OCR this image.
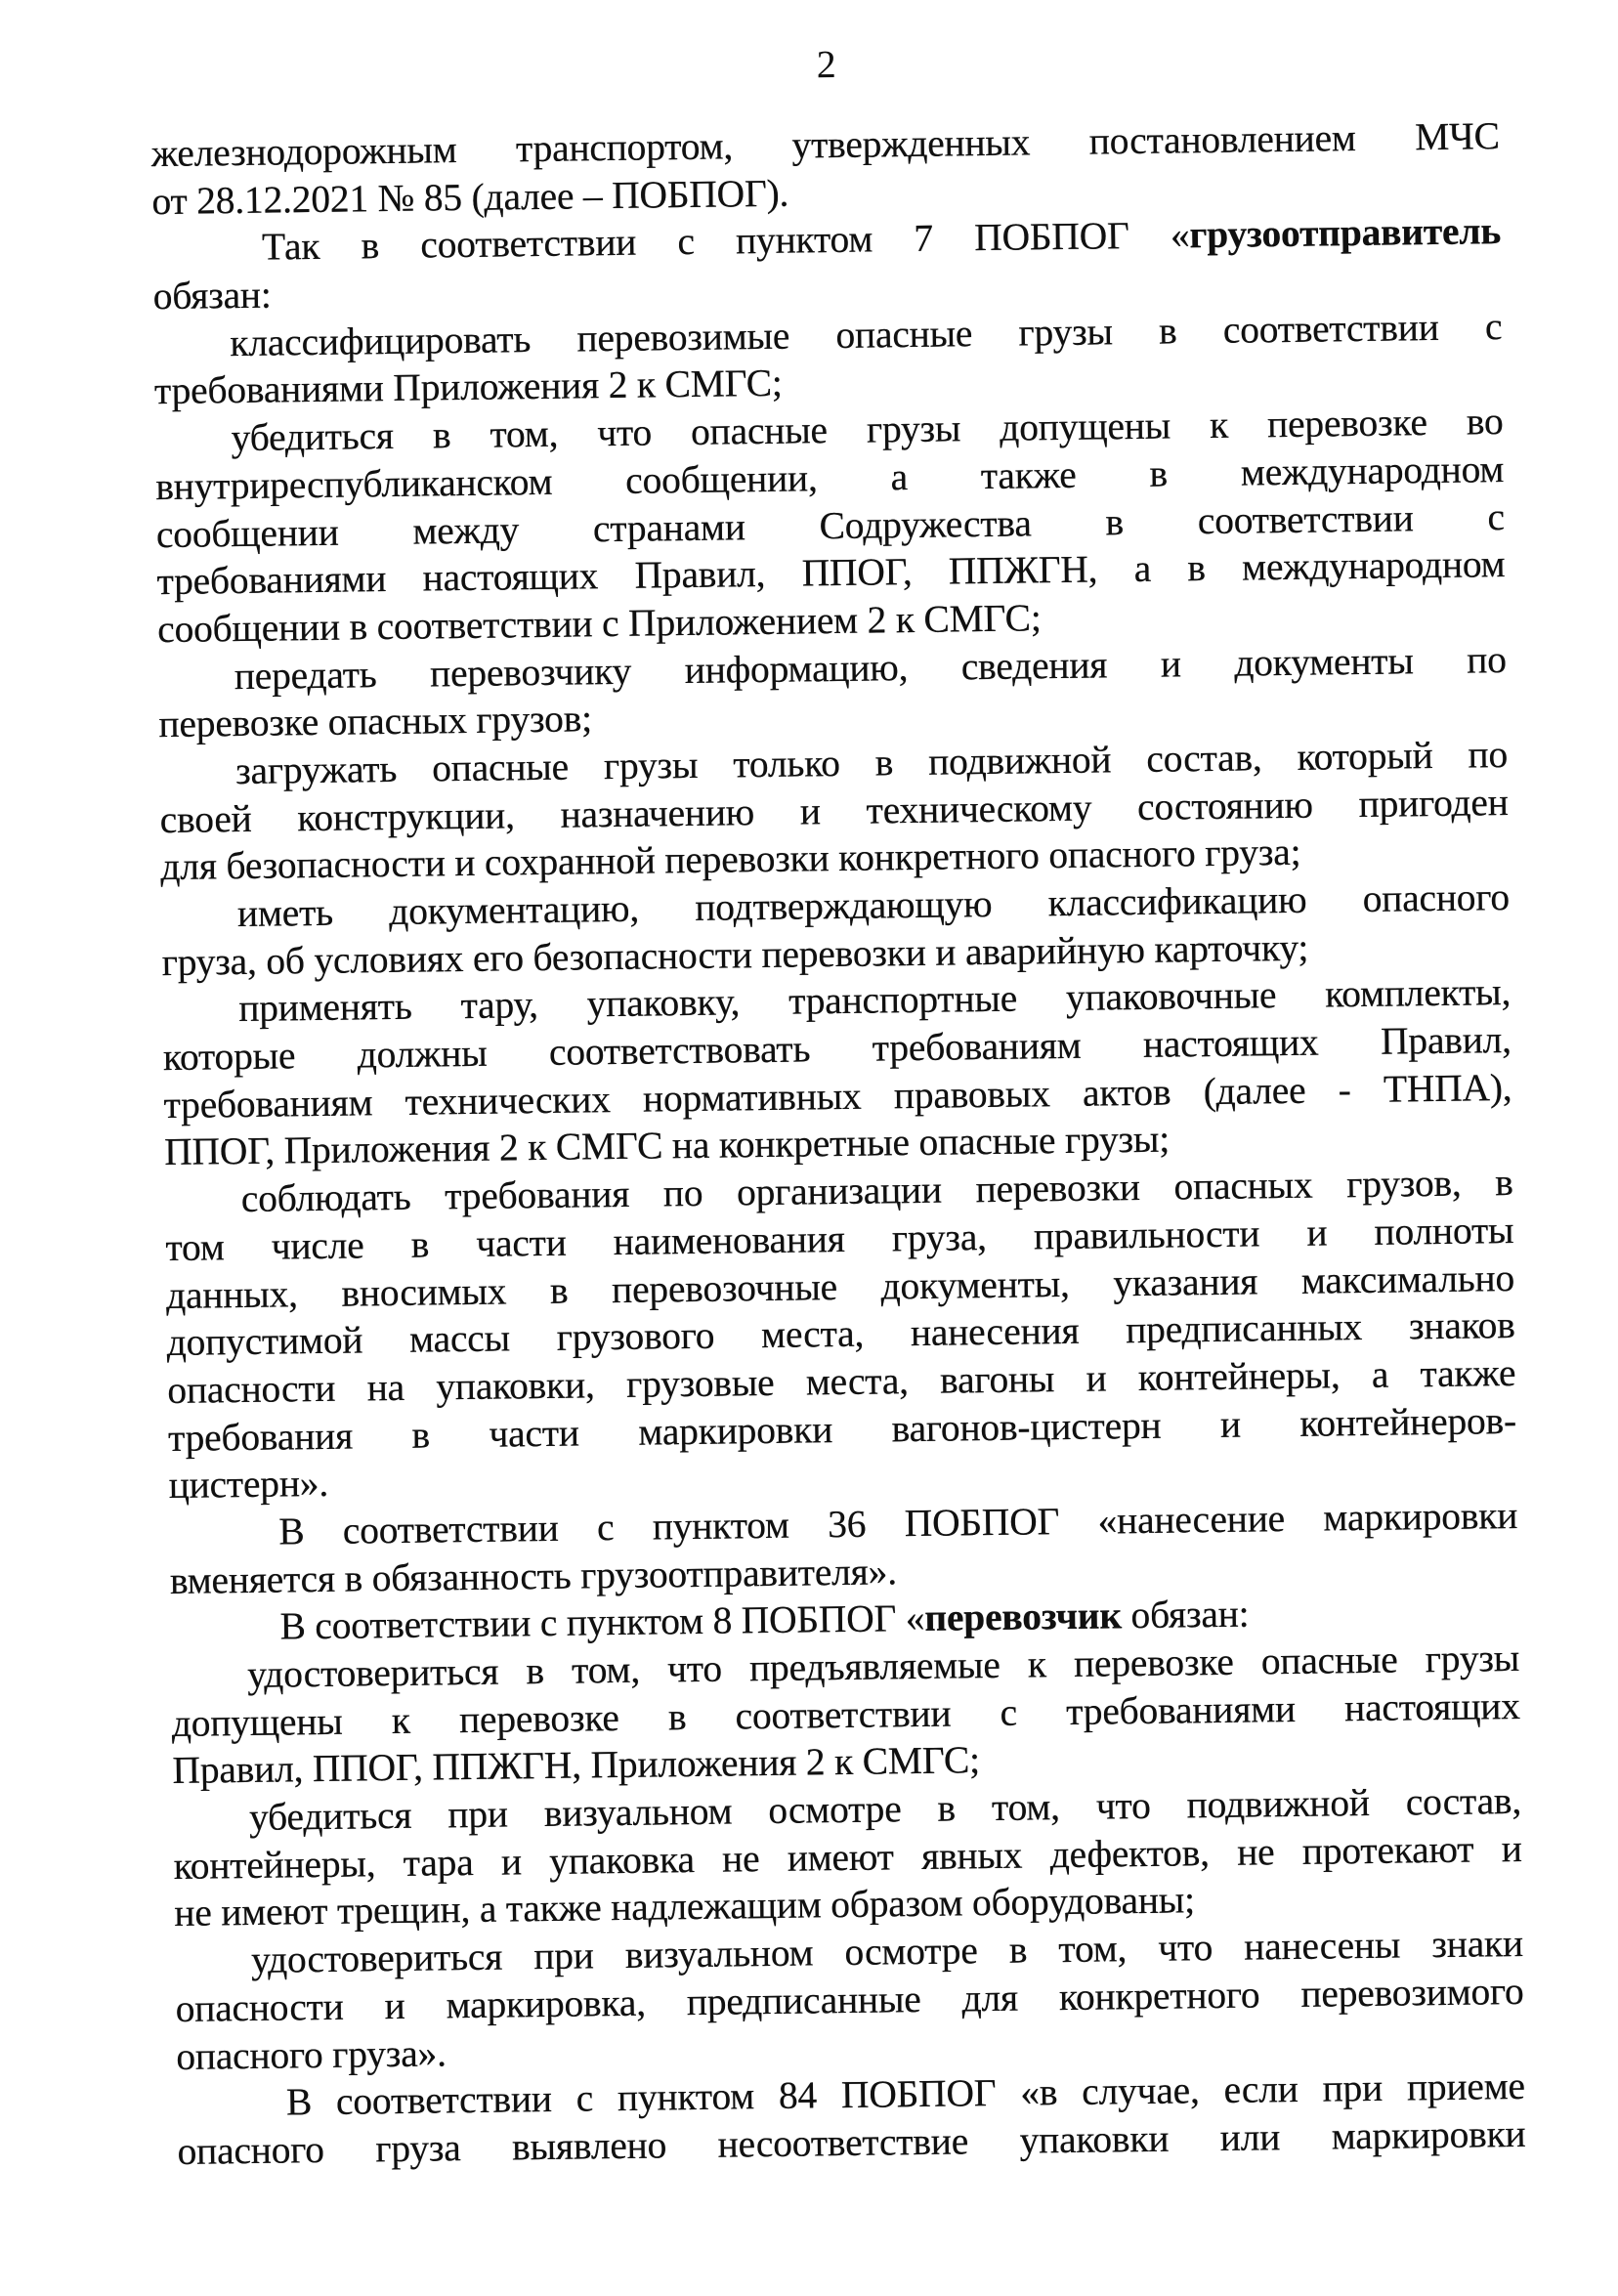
2
железнодорожным транспортом, утвержденных постановлением МЧС
от 28.12.2021 № 85 (далее – ПОБПОГ).
Так в соответствии с пунктом 7 ПОБПОГ «грузоотправитель
обязан:
классифицировать перевозимые опасные грузы в соответствии с
требованиями Приложения 2 к СМГС;
убедиться в том, что опасные грузы допущены к перевозке во
внутриреспубликанском сообщении, а также в международном
сообщении между странами Содружества в соответствии с
требованиями настоящих Правил, ППОГ, ППЖГН, а в международном
сообщении в соответствии с Приложением 2 к СМГС;
передать перевозчику информацию, сведения и документы по
перевозке опасных грузов;
загружать опасные грузы только в подвижной состав, который по
своей конструкции, назначению и техническому состоянию пригоден
для безопасности и сохранной перевозки конкретного опасного груза;
иметь документацию, подтверждающую классификацию опасного
груза, об условиях его безопасности перевозки и аварийную карточку;
применять тару, упаковку, транспортные упаковочные комплекты,
которые должны соответствовать требованиям настоящих Правил,
требованиям технических нормативных правовых актов (далее - ТНПА),
ППОГ, Приложения 2 к СМГС на конкретные опасные грузы;
соблюдать требования по организации перевозки опасных грузов, в
том числе в части наименования груза, правильности и полноты
данных, вносимых в перевозочные документы, указания максимально
допустимой массы грузового места, нанесения предписанных знаков
опасности на упаковки, грузовые места, вагоны и контейнеры, а также
требования в части маркировки вагонов-цистерн и контейнеров-
цистерн».
В соответствии с пунктом 36 ПОБПОГ «нанесение маркировки
вменяется в обязанность грузоотправителя».
В соответствии с пунктом 8 ПОБПОГ «перевозчик обязан:
удостовериться в том, что предъявляемые к перевозке опасные грузы
допущены к перевозке в соответствии с требованиями настоящих
Правил, ППОГ, ППЖГН, Приложения 2 к СМГС;
убедиться при визуальном осмотре в том, что подвижной состав,
контейнеры, тара и упаковка не имеют явных дефектов, не протекают и
не имеют трещин, а также надлежащим образом оборудованы;
удостовериться при визуальном осмотре в том, что нанесены знаки
опасности и маркировка, предписанные для конкретного перевозимого
опасного груза».
В соответствии с пунктом 84 ПОБПОГ «в случае, если при приеме
опасного груза выявлено несоответствие упаковки или маркировки
